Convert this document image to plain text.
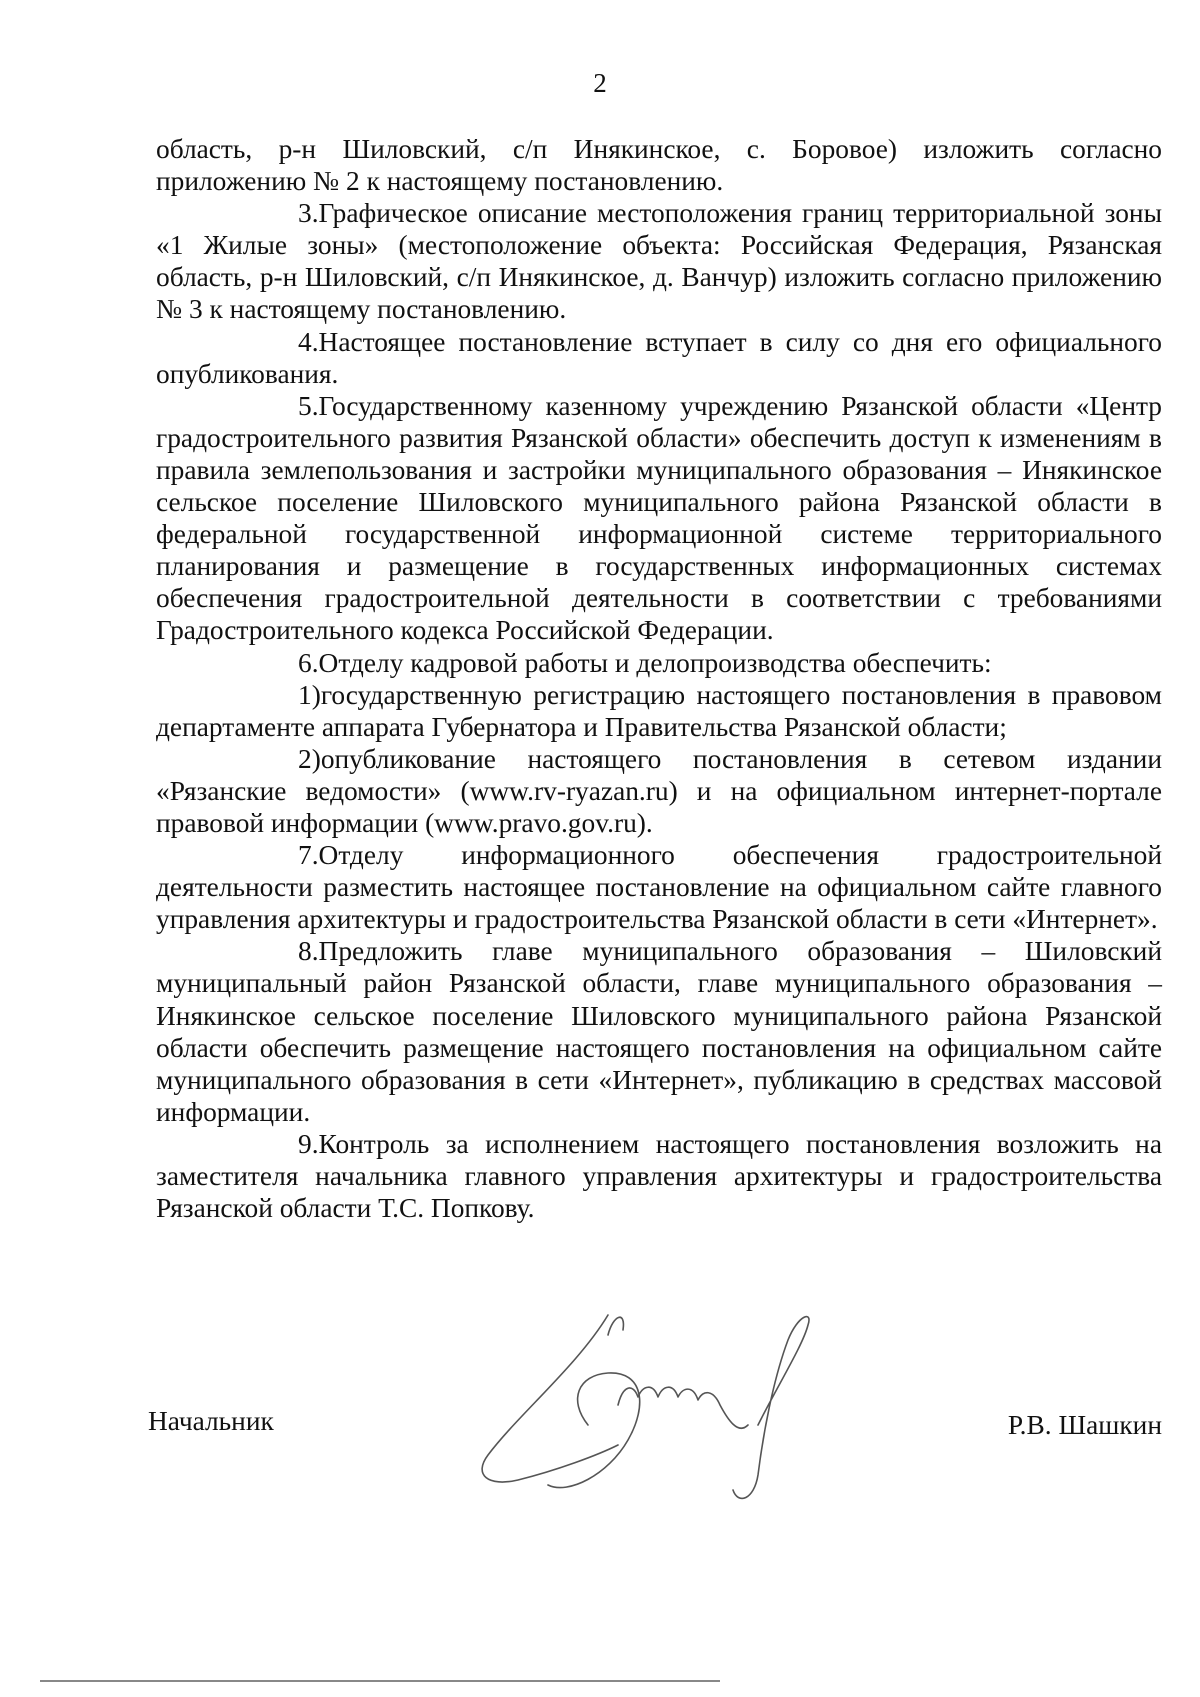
2

область, р-н Шиловский, с/п Инякинское, с. Боровое) изложить согласно приложению № 2 к настоящему постановлению.

3.Графическое описание местоположения границ территориальной зоны «1 Жилые зоны» (местоположение объекта: Российская Федерация, Рязанская область, р-н Шиловский, с/п Инякинское, д. Ванчур) изложить согласно приложению № 3 к настоящему постановлению.

4.Настоящее постановление вступает в силу со дня его официального опубликования.

5.Государственному казенному учреждению Рязанской области «Центр градостроительного развития Рязанской области» обеспечить доступ к изменениям в правила землепользования и застройки муниципального образования – Инякинское сельское поселение Шиловского муниципального района Рязанской области в федеральной государственной информационной системе территориального планирования и размещение в государственных информационных системах обеспечения градостроительной деятельности в соответствии с требованиями Градостроительного кодекса Российской Федерации.

6.Отделу кадровой работы и делопроизводства обеспечить:

1)государственную регистрацию настоящего постановления в правовом департаменте аппарата Губернатора и Правительства Рязанской области;

2)опубликование настоящего постановления в сетевом издании «Рязанские ведомости» (www.rv-ryazan.ru) и на официальном интернет-портале правовой информации (www.pravo.gov.ru).

7.Отделу информационного обеспечения градостроительной деятельности разместить настоящее постановление на официальном сайте главного управления архитектуры и градостроительства Рязанской области в сети «Интернет».

8.Предложить главе муниципального образования – Шиловский муниципальный район Рязанской области, главе муниципального образования – Инякинское сельское поселение Шиловского муниципального района Рязанской области обеспечить размещение настоящего постановления на официальном сайте муниципального образования в сети «Интернет», публикацию в средствах массовой информации.

9.Контроль за исполнением настоящего постановления возложить на заместителя начальника главного управления архитектуры и градостроительства Рязанской области Т.С. Попкову.

Начальник	Р.В. Шашкин
